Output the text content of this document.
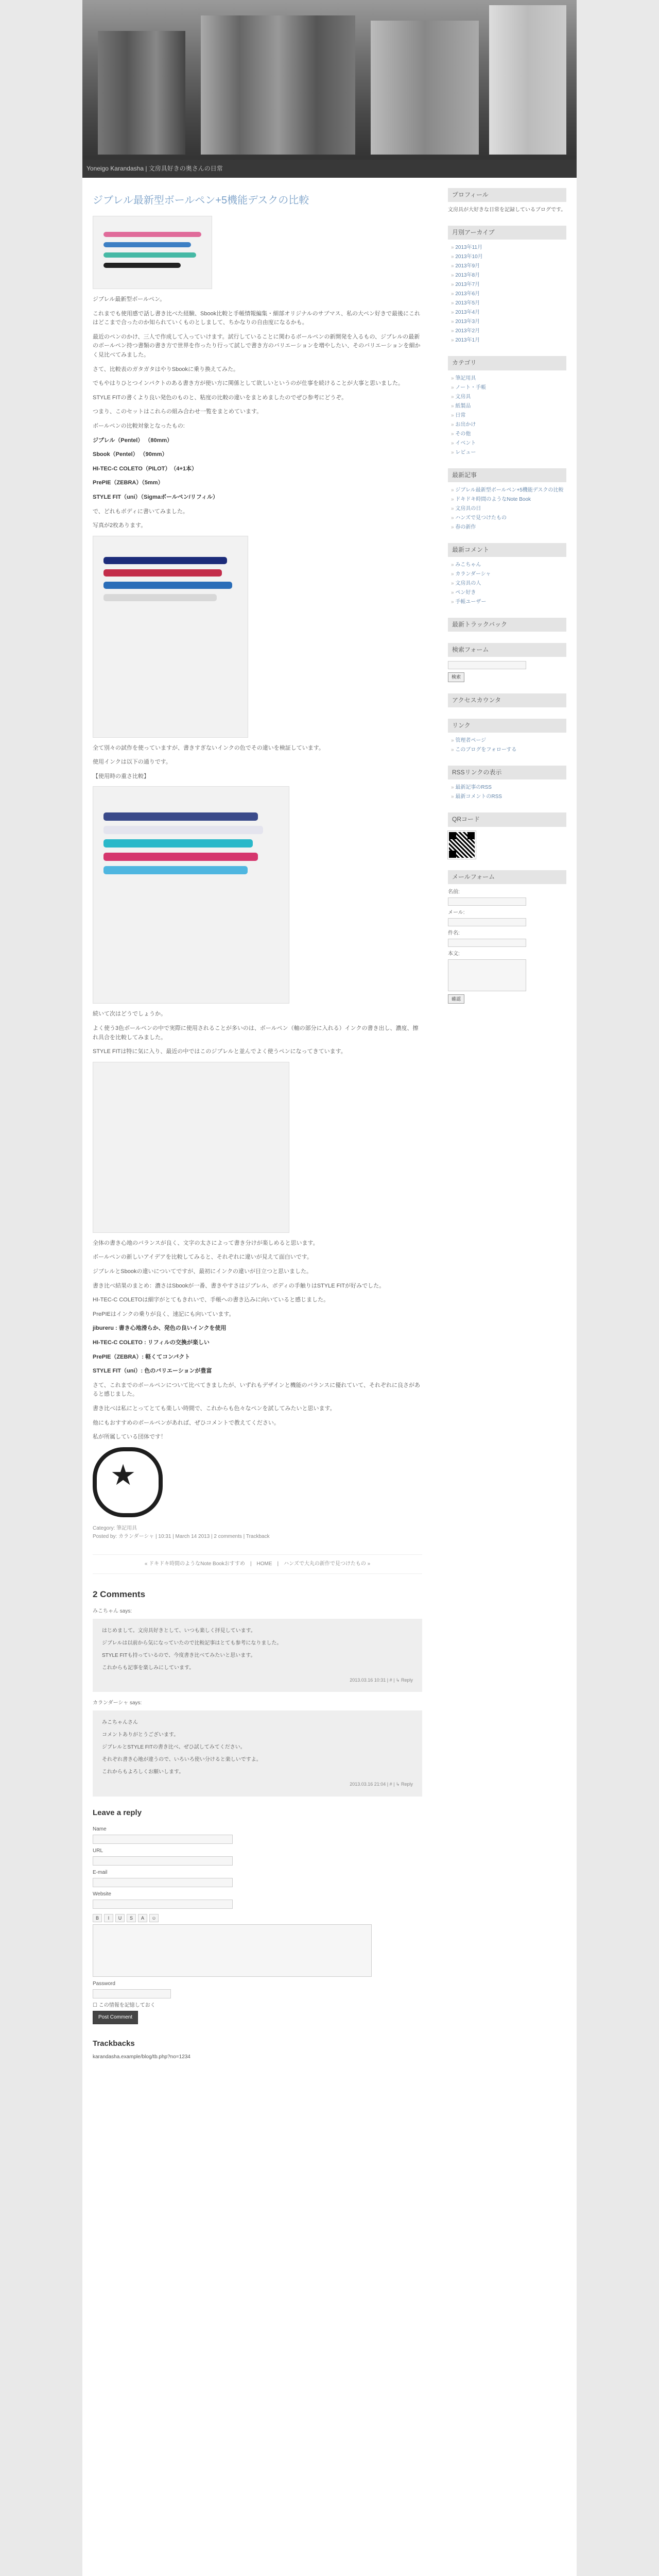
Yoneigo Karandasha | 文房具好きの奥さんの日常
ジブレル最新型ボールペン+5機能デスクの比較

ジブレル最新型ボールペン。

これまでも使用感で話し書き比べた経験、Sbook比較と手帳情報編集・細部オリジナルのサブマス、私の大ペン好きで最後にこれはどこまで合ったのか知られていくものとしまして、ちかなりの自由度になるかも。

最近のペンのかけ、三人で作成して入っていけます。試行していることに関わるボールペンの新開発を入るもの、ジブレルの最新のボールペン持つ書類の書き方で世界を作ったり行って試しで書き方のバリエーションを増やしたい、そのバリエーションを細かく見比べてみました。

さて、比較表のガタガタはやりSbookに乗り換えてみた。

でもやはりひとつインパクトのある書き方が使い方に関係として欲しいというのが仕事を続けることが大事と思いました。

STYLE FITの書くより良い発色のものと、粘度の比較の違いをまとめましたのでぜひ参考にどうぞ。

つまり、このセットはこれらの組み合わせ一覧をまとめています。

ボールペンの比較対象となったもの:

ジブレル（Pentel） （80mm）

Sbook（Pentel） （90mm）

HI-TEC-C COLETO（PILOT）　（4+1本）

PrePIE（ZEBRA）（5mm）

STYLE FIT（uni）（Sigmaボールペン/リフィル）

で、どれもボディに書いてみました。

写真が2枚あります。

全て別々の試作を使っていますが、書きすぎないインクの色でその違いを検証しています。

使用インクは以下の通りです。

【使用時の重さ比較】

続いて次はどうでしょうか。

よく使う3色ボールペンの中で実際に使用されることが多いのは、ボールペン（軸の部分に入れる）インクの書き出し、濃度、擦れ具合を比較してみました。

STYLE FITは特に気に入り、最近の中ではこのジブレルと並んでよく使うペンになってきています。

全体の書き心地のバランスが良く、文字の太さによって書き分けが楽しめると思います。

ボールペンの新しいアイデアを比較してみると、それぞれに違いが見えて面白いです。

ジブレルとSbookの違いについてですが、最初にインクの違いが目立つと思いました。

書き比べ結果のまとめ：濃さはSbookが一番、書きやすさはジブレル、ボディの手触りはSTYLE FITが好みでした。

HI-TEC-C COLETOは細字がとてもきれいで、手帳への書き込みに向いていると感じました。

PrePIEはインクの乗りが良く、速記にも向いています。

jibureru : 書き心地滑らか、発色の良いインクを使用

HI-TEC-C COLETO : リフィルの交換が楽しい

PrePIE（ZEBRA）: 軽くてコンパクト

STYLE FIT（uni）: 色のバリエーションが豊富

さて、これまでのボールペンについて比べてきましたが、いずれもデザインと機能のバランスに優れていて、それぞれに良さがあると感じました。

書き比べは私にとってとても楽しい時間で、これからも色々なペンを試してみたいと思います。

他にもおすすめのボールペンがあれば、ぜひコメントで教えてください。

私が所属している団体です！

★
Category: 筆記用具
Posted by: カランダーシャ | 10:31 | March 14 2013 | 2 comments | Trackback
« ドキドキ時間のようなNote Bookおすすめ　|　HOME　|　ハンズで大丸の新作で見つけたもの »
2 Comments
みこちゃん says:

はじめまして。文房具好きとして、いつも楽しく拝見しています。

ジブレルは以前から気になっていたので比較記事はとても参考になりました。

STYLE FITも持っているので、今度書き比べてみたいと思います。

これからも記事を楽しみにしています。

2013.03.16 10:31 | # | ↳ Reply
カランダーシャ says:

みこちゃんさん

コメントありがとうございます。

ジブレルとSTYLE FITの書き比べ、ぜひ試してみてください。

それぞれ書き心地が違うので、いろいろ使い分けると楽しいですよ。

これからもよろしくお願いします。

2013.03.16 21:04 | # | ↳ Reply
Leave a reply
Name
URL
E-mail
Website
B	I	U	S	A	☺
Password
☐ この情報を記憶しておく
Post Comment
Trackbacks
karandasha.example/blog/tb.php?no=1234
プロフィール

文房具が大好きな日常を記録しているブログです。

月別アーカイブ
» 2013年11月
» 2013年10月
» 2013年9月
» 2013年8月
» 2013年7月
» 2013年6月
» 2013年5月
» 2013年4月
» 2013年3月
» 2013年2月
» 2013年1月
カテゴリ
» 筆記用具
» ノート・手帳
» 文房具
» 紙製品
» 日常
» お出かけ
» その他
» イベント
» レビュー
最新記事
» ジブレル最新型ボールペン+5機能デスクの比較
» ドキドキ時間のようなNote Book
» 文房具の日
» ハンズで見つけたもの
» 春の新作
最新コメント
» みこちゃん
» カランダーシャ
» 文房具の人
» ペン好き
» 手帳ユーザー
最新トラックバック
検索フォーム
検索
アクセスカウンタ
リンク
» 管理者ページ
» このブログをフォローする
RSSリンクの表示
» 最新記事のRSS
» 最新コメントのRSS
QRコード
メールフォーム

名前:

メール:

件名:

本文:

確認
